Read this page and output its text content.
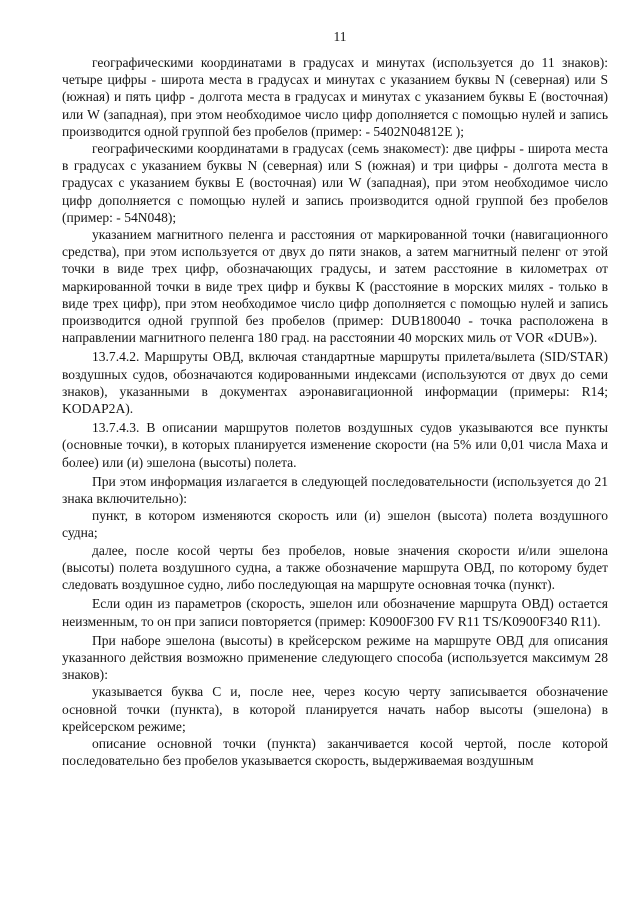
11

географическими координатами в градусах и минутах (используется до 11 знаков): четыре цифры - широта места в градусах и минутах с указанием буквы N (северная) или S (южная) и пять цифр - долгота места в градусах и минутах с указанием буквы Е (восточная) или W (западная), при этом необходимое число цифр дополняется с помощью нулей и запись производится одной группой без пробелов (пример: - 5402N04812E );

географическими координатами в градусах (семь знакомест): две цифры - широта места в градусах с указанием буквы N (северная) или S (южная) и три цифры - долгота места в градусах с указанием буквы Е (восточная) или W (западная), при этом необходимое число цифр дополняется с помощью нулей и запись производится одной группой без пробелов (пример: - 54N048);

указанием магнитного пеленга и расстояния от маркированной точки (навигационного средства), при этом используется от двух до пяти знаков, а затем магнитный пеленг от этой точки в виде трех цифр, обозначающих градусы, и затем расстояние в километрах от маркированной точки в виде трех цифр и буквы К (расстояние в морских милях - только в виде трех цифр), при этом необходимое число цифр дополняется с помощью нулей и запись производится одной группой без пробелов (пример: DUB180040 - точка расположена в направлении магнитного пеленга 180 град. на расстоянии 40 морских миль от VOR «DUB»).

13.7.4.2. Маршруты ОВД, включая стандартные маршруты прилета/вылета (SID/STAR) воздушных судов, обозначаются кодированными индексами (используются от двух до семи знаков), указанными в документах аэронавигационной информации (примеры: R14; KODAP2A).

13.7.4.3. В описании маршрутов полетов воздушных судов указываются все пункты (основные точки), в которых планируется изменение скорости (на 5% или 0,01 числа Маха и более) или (и) эшелона (высоты) полета.

При этом информация излагается в следующей последовательности (используется до 21 знака включительно):

пункт, в котором изменяются скорость или (и) эшелон (высота) полета воздушного судна;

далее, после косой черты без пробелов, новые значения скорости и/или эшелона (высоты) полета воздушного судна, а также обозначение маршрута ОВД, по которому будет следовать воздушное судно, либо последующая на маршруте основная точка (пункт).

Если один из параметров (скорость, эшелон или обозначение маршрута ОВД) остается неизменным, то он при записи повторяется (пример: K0900F300 FV R11 TS/K0900F340 R11).

При наборе эшелона (высоты) в крейсерском режиме на маршруте ОВД для описания указанного действия возможно применение следующего способа (используется максимум 28 знаков):

указывается буква С и, после нее, через косую черту записывается обозначение основной точки (пункта), в которой планируется начать набор высоты (эшелона) в крейсерском режиме;

описание основной точки (пункта) заканчивается косой чертой, после которой последовательно без пробелов указывается скорость, выдерживаемая воздушным
